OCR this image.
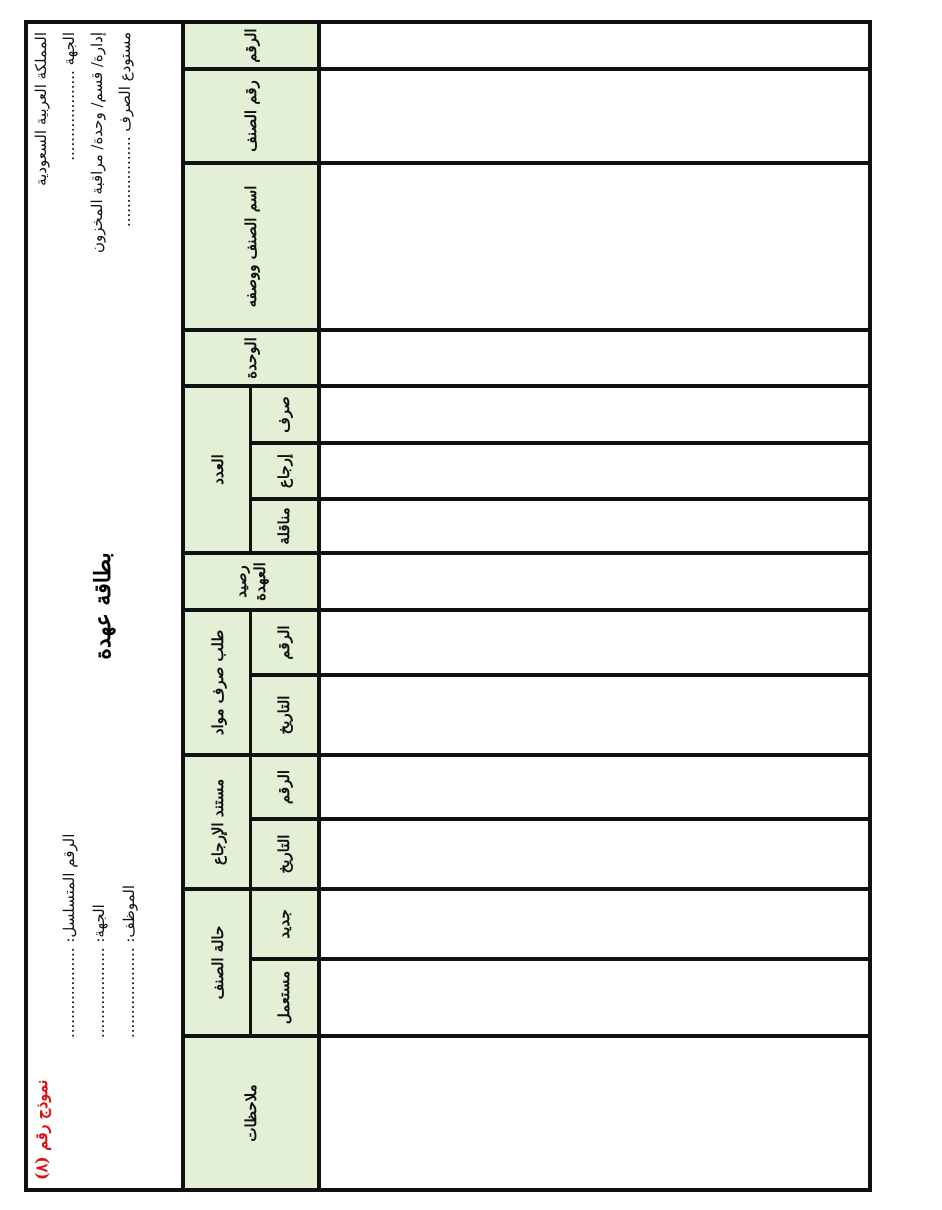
المملكة العربية السعودية الجهة ................... إدارة/ قسم/ وحدة/ مراقبة المخزون مستودع الصرف ...................
بطاقة عهدة
الرقم المتسلسل: ...................
الجهة: ...................
الموظف: ...................
نموذج رقم (٨)
الرقم
رقم الصنف
اسم الصنف ووصفه
الوحدة
العدد
صرف
إرجاع
مناقلة
رصيد العهدة
طلب صرف مواد	الرقم
التاريخ
مستند الإرجاع	الرقم
التاريخ
حالة الصنف
جديد
مستعمل
ملاحظات
